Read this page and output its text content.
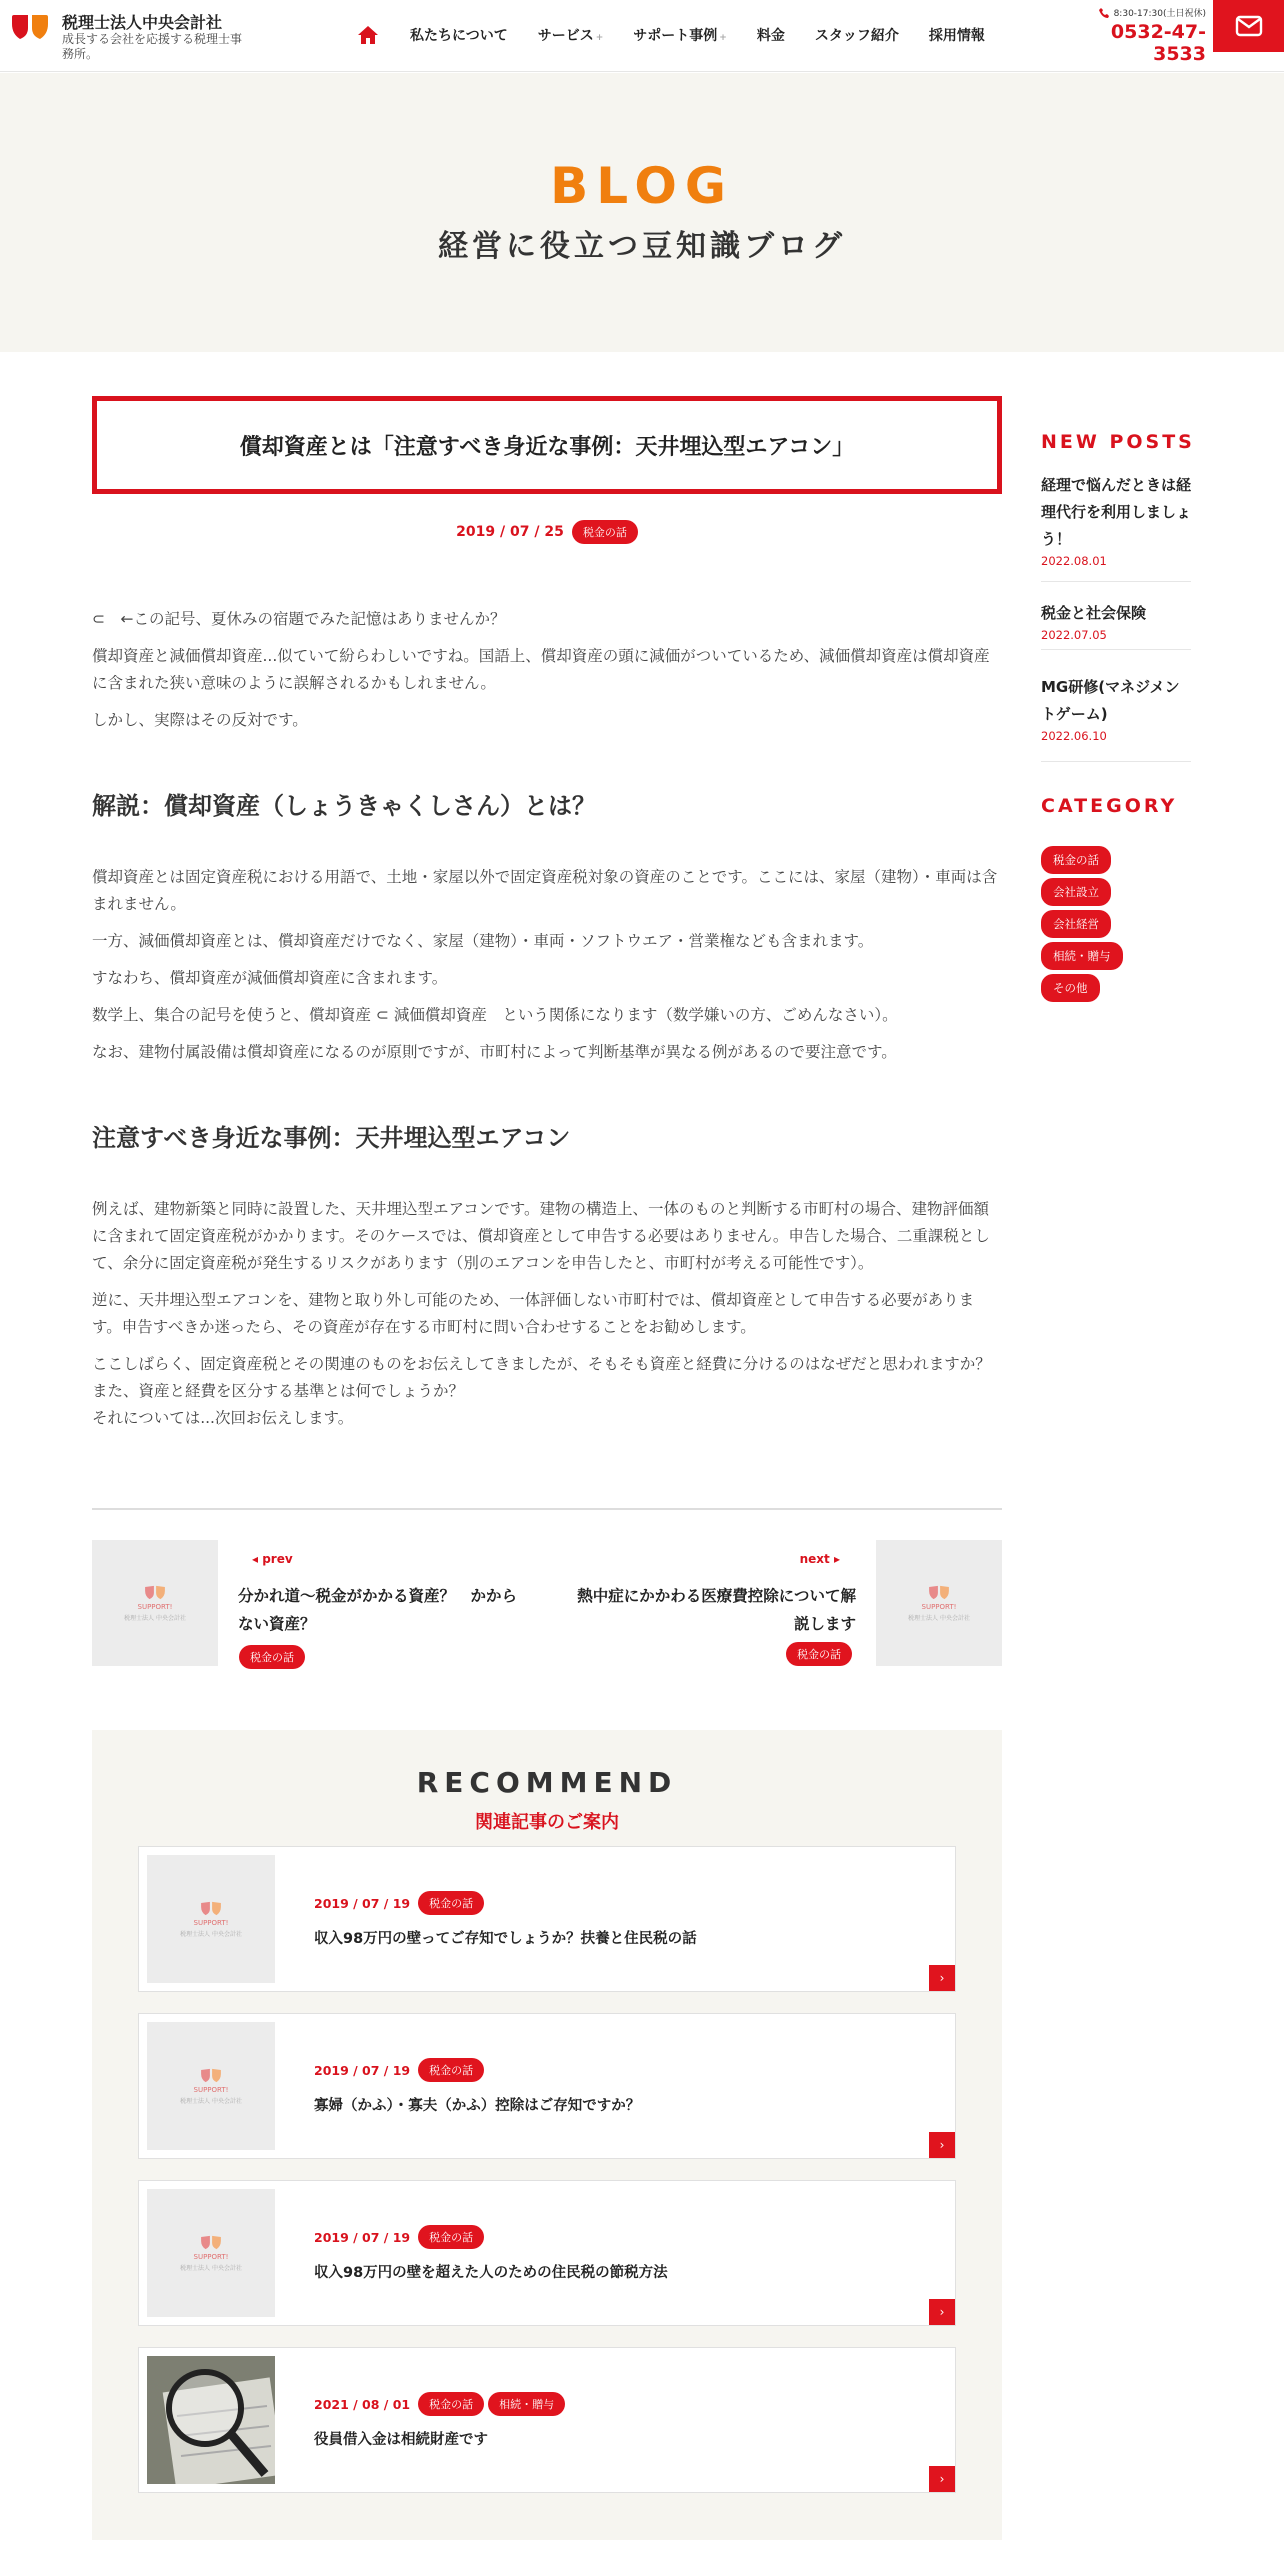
税理士法人中央会計社
成長する会社を応援する税理士事務所。
私たちについて サービス + サポート事例 + 料金 スタッフ紹介 採用情報
8:30-17:30(土日祝休)
0532-47-3533
BLOG
経営に役立つ豆知識ブログ
償却資産とは「注意すべき身近な事例：天井埋込型エアコン」
2019 / 07 / 25	税金の話

⊂　←この記号、夏休みの宿題でみた記憶はありませんか？

償却資産と減価償却資産...似ていて紛らわしいですね。国語上、償却資産の頭に減価がついているため、減価償却資産は償却資産に含まれた狭い意味のように誤解されるかもしれません。

しかし、実際はその反対です。

解説：償却資産（しょうきゃくしさん）とは？

償却資産とは固定資産税における用語で、土地・家屋以外で固定資産税対象の資産のことです。ここには、家屋（建物）・車両は含まれません。

一方、減価償却資産とは、償却資産だけでなく、家屋（建物）・車両・ソフトウエア・営業権なども含まれます。

すなわち、償却資産が減価償却資産に含まれます。

数学上、集合の記号を使うと、償却資産 ⊂ 減価償却資産　という関係になります（数学嫌いの方、ごめんなさい）。

なお、建物付属設備は償却資産になるのが原則ですが、市町村によって判断基準が異なる例があるので要注意です。

注意すべき身近な事例：天井埋込型エアコン

例えば、建物新築と同時に設置した、天井埋込型エアコンです。建物の構造上、一体のものと判断する市町村の場合、建物評価額に含まれて固定資産税がかかります。そのケースでは、償却資産として申告する必要はありません。申告した場合、二重課税として、余分に固定資産税が発生するリスクがあります（別のエアコンを申告したと、市町村が考える可能性です）。

逆に、天井埋込型エアコンを、建物と取り外し可能のため、一体評価しない市町村では、償却資産として申告する必要があります。申告すべきか迷ったら、その資産が存在する市町村に問い合わせすることをお勧めします。

ここしばらく、固定資産税とその関連のものをお伝えしてきましたが、そもそも資産と経費に分けるのはなぜだと思われますか？　また、資産と経費を区分する基準とは何でしょうか？

それについては...次回お伝えします。

SUPPORT!
税理士法人 中央会計社
◂ prev
分かれ道～税金がかかる資産？　かからない資産？
税金の話
next ▸
熱中症にかかわる医療費控除について解説します
税金の話
SUPPORT!
税理士法人 中央会計社
RECOMMEND
関連記事のご案内
SUPPORT!
税理士法人 中央会計社
2019 / 07 / 19	税金の話
収入98万円の壁ってご存知でしょうか？扶養と住民税の話
›
SUPPORT!
税理士法人 中央会計社
2019 / 07 / 19	税金の話
寡婦（かふ）・寡夫（かふ）控除はご存知ですか？
›
SUPPORT!
税理士法人 中央会計社
2019 / 07 / 19	税金の話
収入98万円の壁を超えた人のための住民税の節税方法
›
2021 / 08 / 01	税金の話	相続・贈与
役員借入金は相続財産です
›
NEW POSTS
経理で悩んだときは経理代行を利用しましょう！
2022.08.01
税金と社会保険
2022.07.05
MG研修(マネジメントゲーム)
2022.06.10
CATEGORY
税金の話
会社設立
会社経営
相続・贈与
その他
